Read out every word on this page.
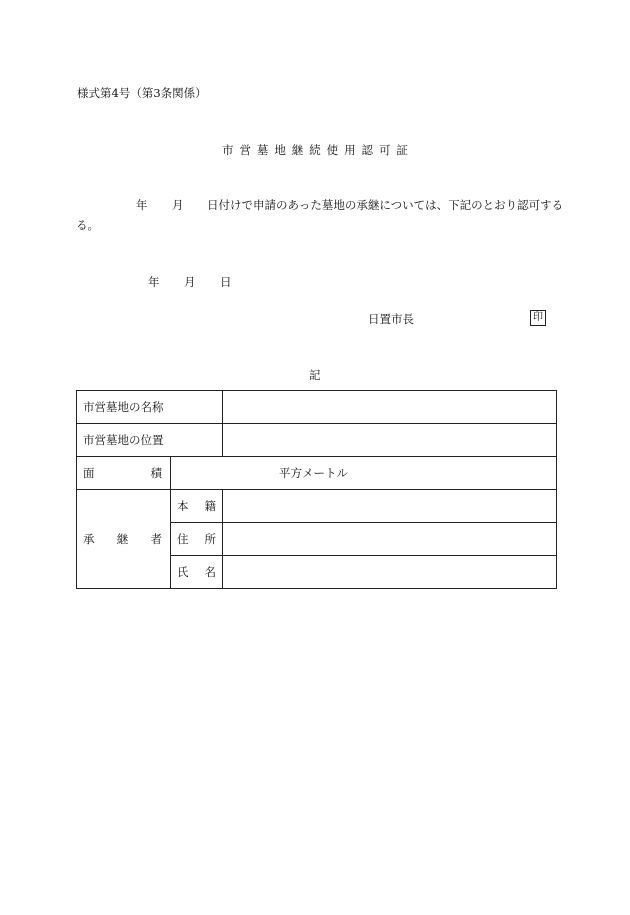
様式第4号（第3条関係）
市 営 墓 地 継 続 使 用 認 可 証
年 月 日付けで申請のあった墓地の承継については、下記のとおり認可する
る。
年 月 日
日置市長	印
記
市営墓地の名称		
市営墓地の位置		

面 積	平方メートル	

承 継 者	本 籍	

	住 所	

	氏 名	
